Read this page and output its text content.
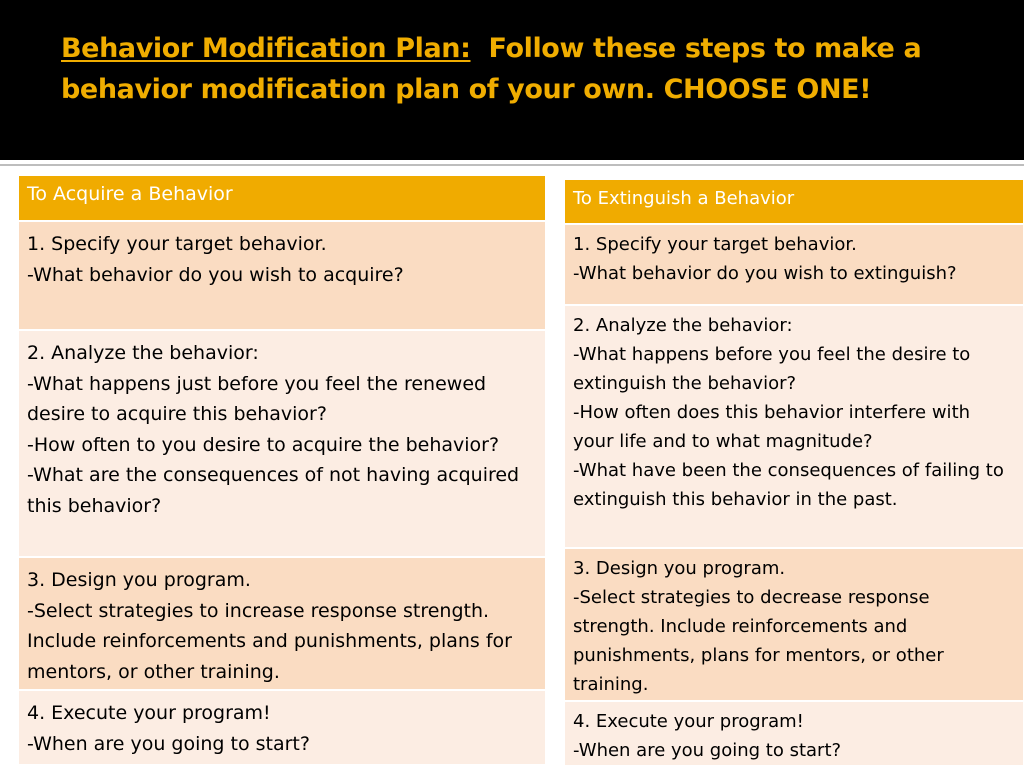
Behavior Modification Plan: Follow these steps to make a behavior modification plan of your own. CHOOSE ONE!
To Acquire a Behavior

1. Specify your target behavior.
-What behavior do you wish to acquire?

2. Analyze the behavior:
-What happens just before you feel the renewed desire to acquire this behavior?
-How often to you desire to acquire the behavior?
-What are the consequences of not having acquired this behavior?

3. Design you program.
-Select strategies to increase response strength. Include reinforcements and punishments, plans for mentors, or other training.

4. Execute your program!
-When are you going to start?
To Extinguish a Behavior

1. Specify your target behavior.
-What behavior do you wish to extinguish?

2. Analyze the behavior:
-What happens before you feel the desire to extinguish the behavior?
-How often does this behavior interfere with your life and to what magnitude?
-What have been the consequences of failing to extinguish this behavior in the past.

3. Design you program.
-Select strategies to decrease response strength. Include reinforcements and punishments, plans for mentors, or other training.

4. Execute your program!
-When are you going to start?
